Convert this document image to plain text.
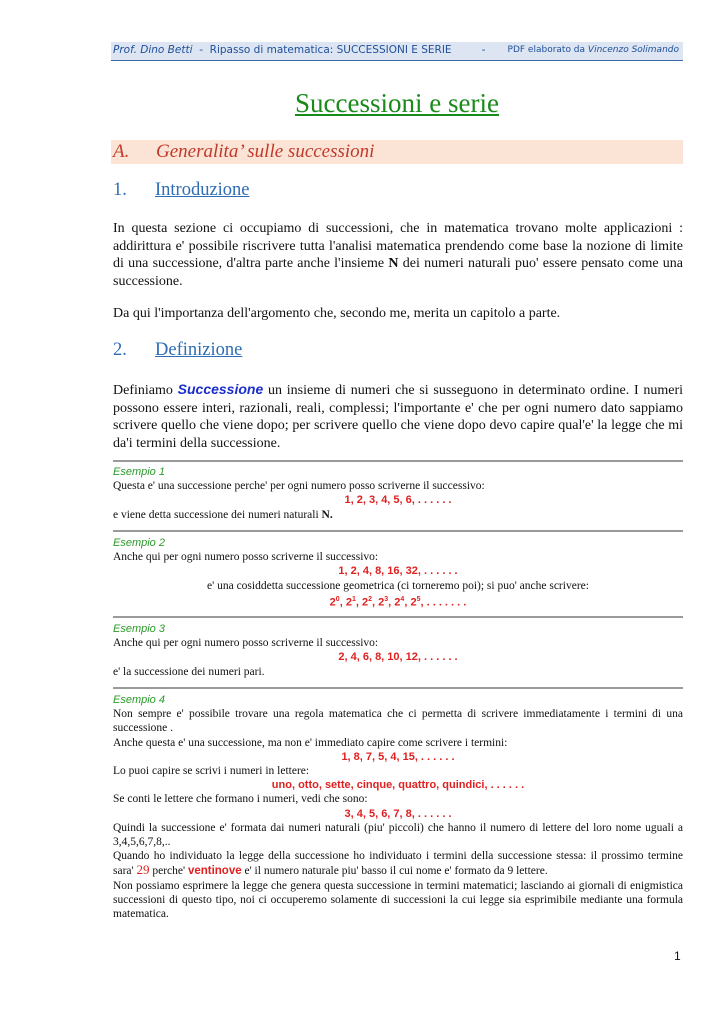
Prof. Dino Betti - Ripasso di matematica: SUCCESSIONI E SERIE	- PDF elaborato da Vincenzo Solimando
Successioni e serie
A. Generalita’ sulle successioni
1. Introduzione
In questa sezione ci occupiamo di successioni, che in matematica trovano molte applicazioni : addirittura e' possibile riscrivere tutta l'analisi matematica prendendo come base la nozione di limite di una successione, d'altra parte anche l'insieme N dei numeri naturali puo' essere pensato come una successione.
Da qui l'importanza dell'argomento che, secondo me, merita un capitolo a parte.
2. Definizione
Definiamo Successione un insieme di numeri che si susseguono in determinato ordine. I numeri possono essere interi, razionali, reali, complessi; l'importante e' che per ogni numero dato sappiamo scrivere quello che viene dopo; per scrivere quello che viene dopo devo capire qual'e' la legge che mi da'i termini della successione.
Esempio 1
Questa e' una successione perche' per ogni numero posso scriverne il successivo:
1, 2, 3, 4, 5, 6, . . . . . .
e viene detta successione dei numeri naturali N.
Esempio 2
Anche qui per ogni numero posso scriverne il successivo:
1, 2, 4, 8, 16, 32, . . . . . .
e' una cosiddetta successione geometrica (ci torneremo poi); si puo' anche scrivere:
$2^0$, $2^1$, $2^2$, $2^3$, $2^4$, $2^5$, . . . . . . .
Esempio 3
Anche qui per ogni numero posso scriverne il successivo:
2, 4, 6, 8, 10, 12, . . . . . .
e' la successione dei numeri pari.
Esempio 4
Non sempre e' possibile trovare una regola matematica che ci permetta di scrivere immediatamente i termini di una successione .
Anche questa e' una successione, ma non e' immediato capire come scrivere i termini:
1, 8, 7, 5, 4, 15, . . . . . .
Lo puoi capire se scrivi i numeri in lettere:
uno, otto, sette, cinque, quattro, quindici, . . . . . .
Se conti le lettere che formano i numeri, vedi che sono:
3, 4, 5, 6, 7, 8, . . . . . .
Quindi la successione e' formata dai numeri naturali (piu' piccoli) che hanno il numero di lettere del loro nome uguali a 3,4,5,6,7,8,..
Quando ho individuato la legge della successione ho individuato i termini della successione stessa: il prossimo termine sara' 29 perche' ventinove e' il numero naturale piu' basso il cui nome e' formato da 9 lettere.
Non possiamo esprimere la legge che genera questa successione in termini matematici; lasciando ai giornali di enigmistica successioni di questo tipo, noi ci occuperemo solamente di successioni la cui legge sia esprimibile mediante una formula matematica.
1
